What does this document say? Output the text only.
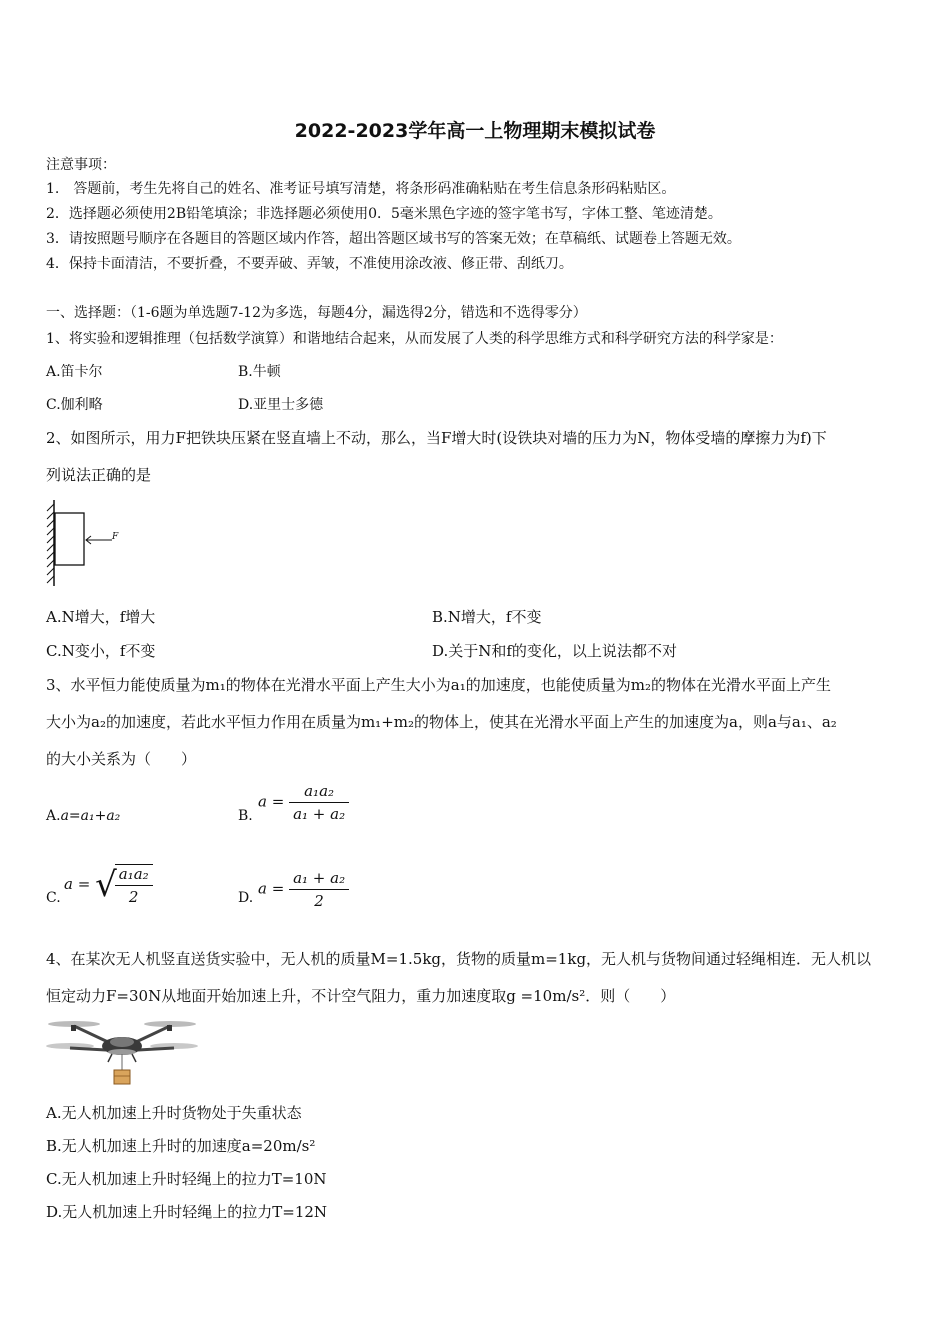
2022-2023学年高一上物理期末模拟试卷
注意事项：
1.　答题前，考生先将自己的姓名、准考证号填写清楚，将条形码准确粘贴在考生信息条形码粘贴区。
2．选择题必须使用2B铅笔填涂；非选择题必须使用0．5毫米黑色字迹的签字笔书写，字体工整、笔迹清楚。
3．请按照题号顺序在各题目的答题区域内作答，超出答题区域书写的答案无效；在草稿纸、试题卷上答题无效。
4．保持卡面清洁，不要折叠，不要弄破、弄皱，不准使用涂改液、修正带、刮纸刀。
一、选择题：（1-6题为单选题7-12为多选，每题4分，漏选得2分，错选和不选得零分）
1、将实验和逻辑推理（包括数学演算）和谐地结合起来，从而发展了人类的科学思维方式和科学研究方法的科学家是：
A.笛卡尔	B.牛顿
C.伽利略	D.亚里士多德
2、如图所示，用力F把铁块压紧在竖直墙上不动，那么，当F增大时(设铁块对墙的压力为N，物体受墙的摩擦力为f)下
列说法正确的是
F
A.N增大，f增大	B.N增大，f不变
C.N变小，f不变	D.关于N和f的变化，以上说法都不对
3、水平恒力能使质量为m₁的物体在光滑水平面上产生大小为a₁的加速度，也能使质量为m₂的物体在光滑水平面上产生
大小为a₂的加速度，若此水平恒力作用在质量为m₁+m₂的物体上，使其在光滑水平面上产生的加速度为a，则a与a₁、a₂
的大小关系为（　　）
A.a=a₁+a₂	B.
$a = \frac{\text{a₁a₂}}{\text{a₁ + a₂}}$
C.
a = √
$\frac{\text{a₁a₂}}{2}$	D.
$a = \frac{\text{a₁ + a₂}}{2}$
4、在某次无人机竖直送货实验中，无人机的质量M=1.5kg，货物的质量m=1kg，无人机与货物间通过轻绳相连．无人机以
恒定动力F=30N从地面开始加速上升，不计空气阻力，重力加速度取g =10m/s²．则（　　）
A.无人机加速上升时货物处于失重状态
B.无人机加速上升时的加速度a=20m/s²
C.无人机加速上升时轻绳上的拉力T=10N
D.无人机加速上升时轻绳上的拉力T=12N
